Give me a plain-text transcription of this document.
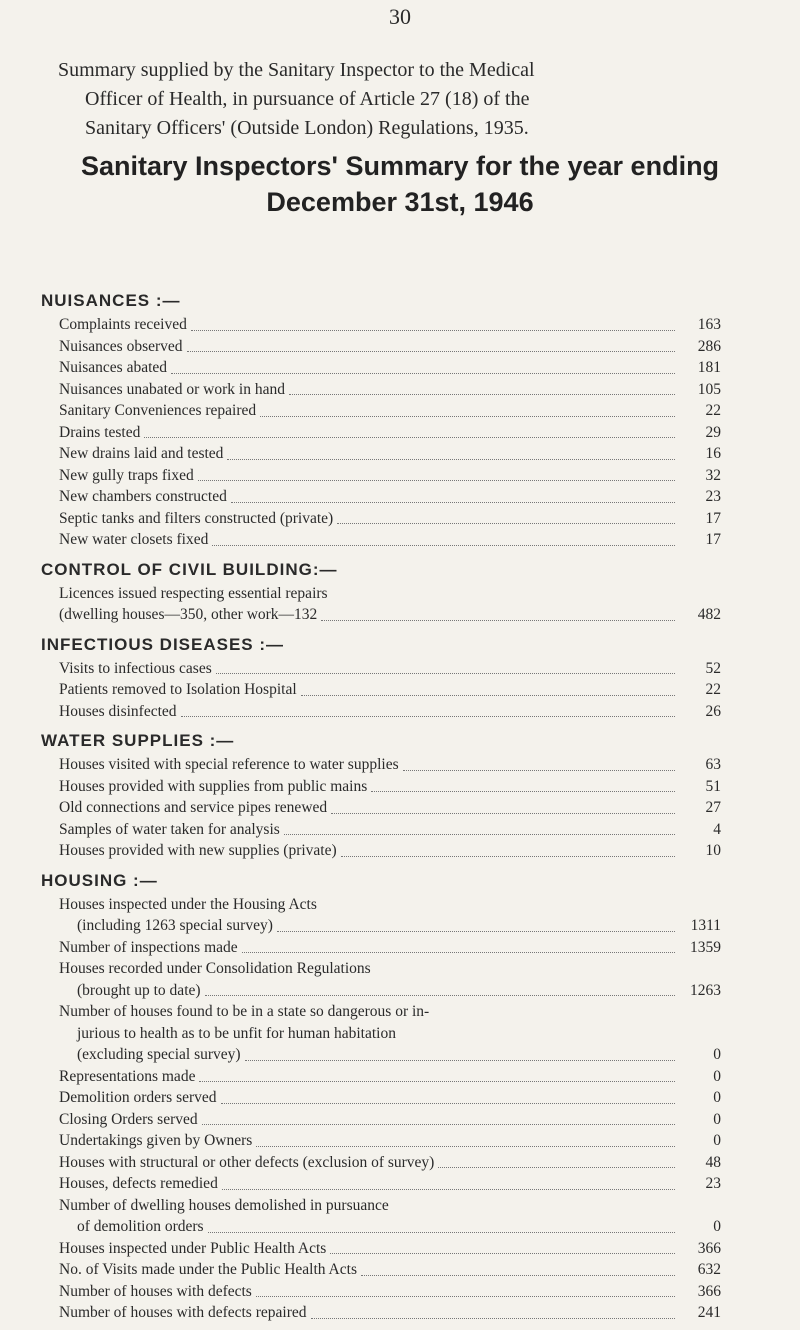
30

Summary supplied by the Sanitary Inspector to the Medical

Officer of Health, in pursuance of Article 27 (18) of the

Sanitary Officers' (Outside London) Regulations, 1935.

Sanitary Inspectors' Summary for the year ending

December 31st, 1946

NUISANCES :—

Complaints received	163
Nuisances observed	286
Nuisances abated	181
Nuisances unabated or work in hand	105
Sanitary Conveniences repaired	22
Drains tested	29
New drains laid and tested	16
New gully traps fixed	32
New chambers constructed	23
Septic tanks and filters constructed (private)	17
New water closets fixed	17

CONTROL OF CIVIL BUILDING:—

Licences issued respecting essential repairs
(dwelling houses—350, other work—132	482

INFECTIOUS DISEASES :—

Visits to infectious cases	52
Patients removed to Isolation Hospital	22
Houses disinfected	26

WATER SUPPLIES :—

Houses visited with special reference to water supplies	63
Houses provided with supplies from public mains	51
Old connections and service pipes renewed	27
Samples of water taken for analysis	4
Houses provided with new supplies (private)	10

HOUSING :—

Houses inspected under the Housing Acts
(including 1263 special survey)	1311
Number of inspections made	1359
Houses recorded under Consolidation Regulations
(brought up to date)	1263
Number of houses found to be in a state so dangerous or in-
jurious to health as to be unfit for human habitation
(excluding special survey)	0
Representations made	0
Demolition orders served	0
Closing Orders served	0
Undertakings given by Owners	0
Houses with structural or other defects (exclusion of survey)	48
Houses, defects remedied	23
Number of dwelling houses demolished in pursuance
of demolition orders	0
Houses inspected under Public Health Acts	366
No. of Visits made under the Public Health Acts	632
Number of houses with defects	366
Number of houses with defects repaired	241
